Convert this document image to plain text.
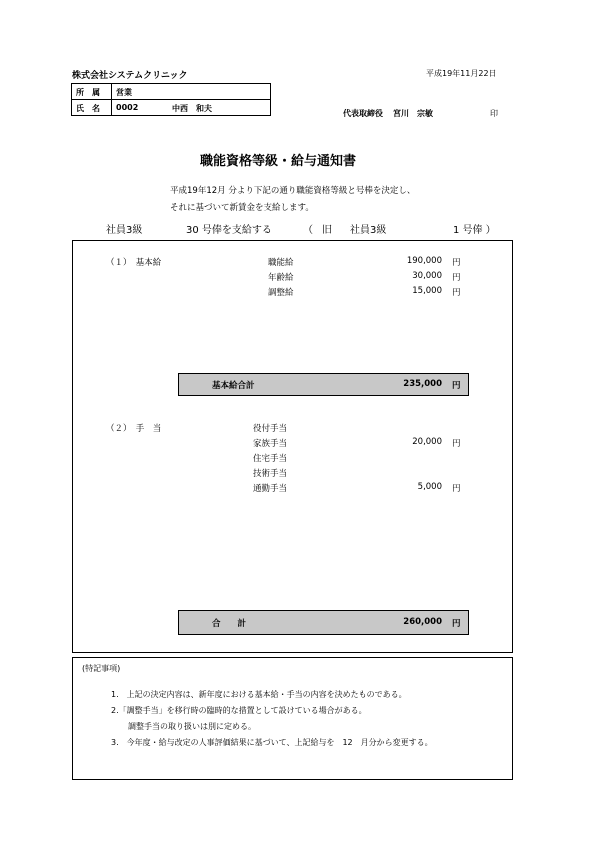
株式会社システムクリニック	平成19年11月22日
所　属 営業
氏　名 0002	中西　和夫
代表取締役 宮川　宗敏	印
職能資格等級・給与通知書
平成19年12月 分より下記の通り職能資格等級と号棒を決定し、
それに基づいて新賃金を支給します。
社員3級	30 号俸を支給する	（ 旧 社員3級	1 号俸 ）
（１）　基本給	職能給	190,000 円
年齢給	30,000 円
調整給	15,000 円
基本給合計	235,000 円
（２）　手　当	役付手当
家族手当	20,000 円
住宅手当
技術手当
通勤手当	5,000 円
合　　計	260,000 円
(特記事項)
1.　上記の決定内容は、新年度における基本給・手当の内容を決めたものである。
2.「調整手当」を移行時の臨時的な措置として設けている場合がある。
調整手当の取り扱いは別に定める。
3.　今年度・給与改定の人事評価結果に基づいて、上記給与を　12　月分から変更する。
